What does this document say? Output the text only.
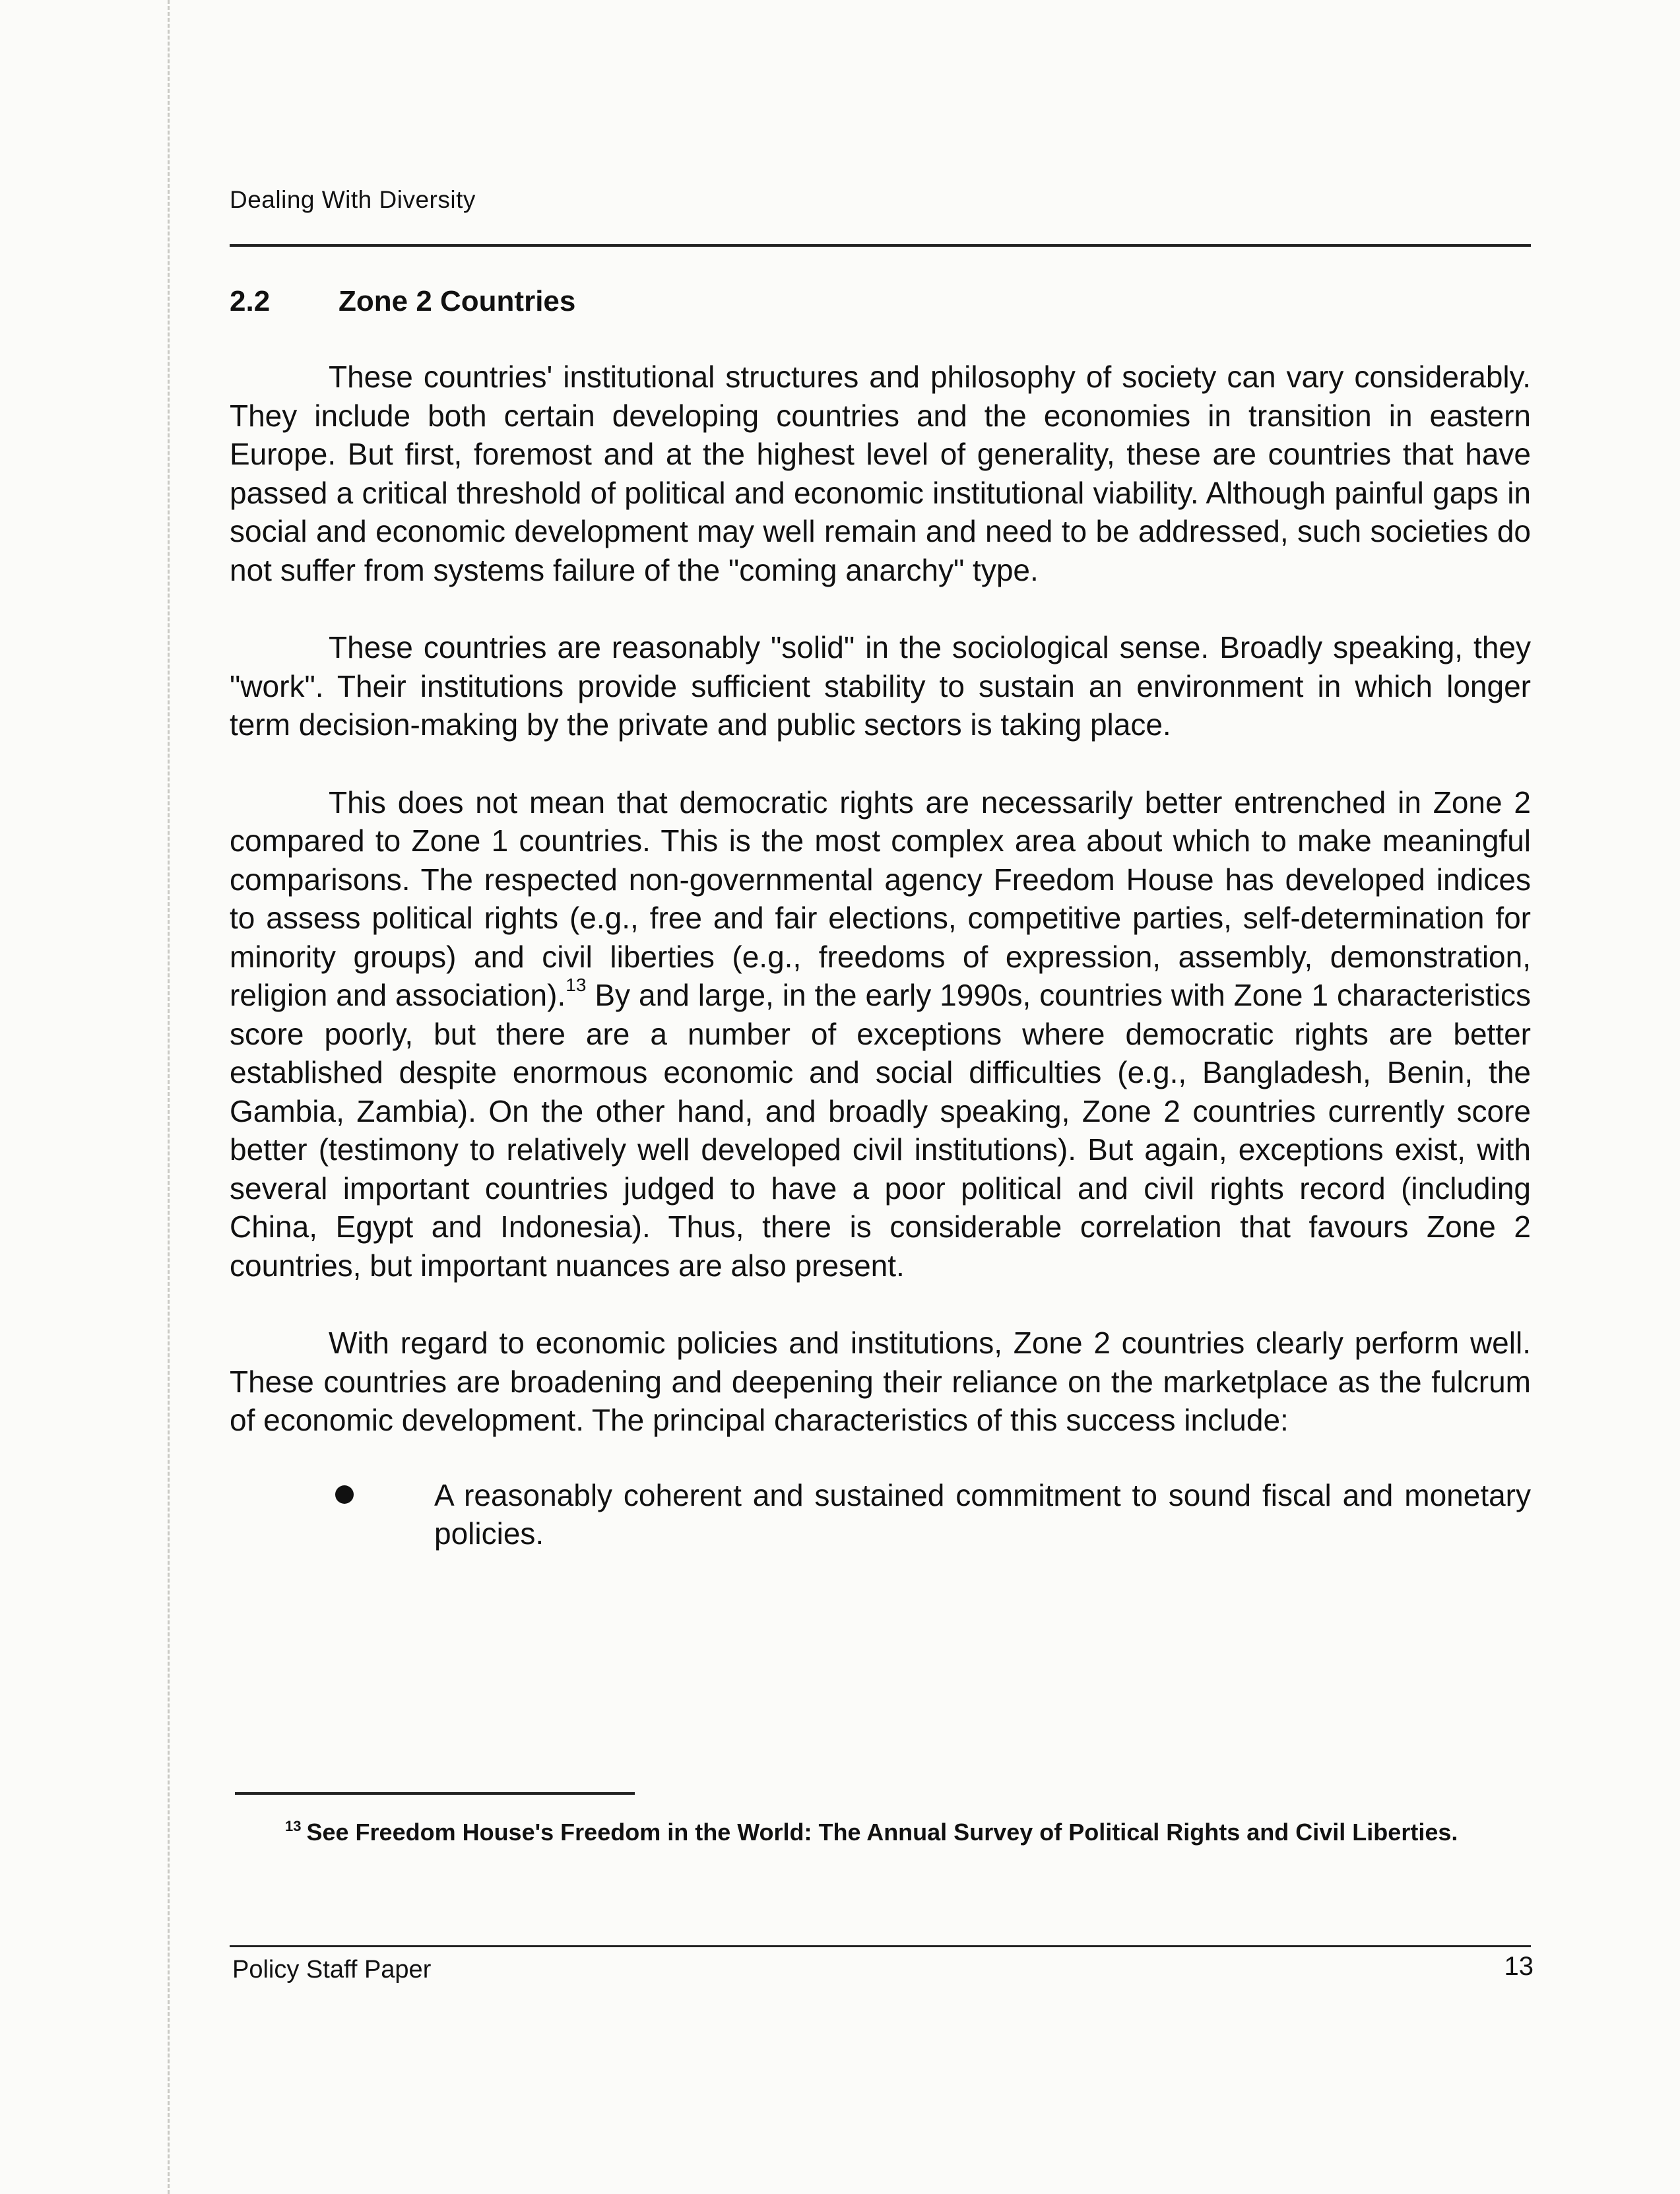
Dealing With Diversity
2.2 Zone 2 Countries

These countries' institutional structures and philosophy of society can vary considerably. They include both certain developing countries and the economies in transition in eastern Europe. But first, foremost and at the highest level of generality, these are countries that have passed a critical threshold of political and economic institutional viability. Although painful gaps in social and economic development may well remain and need to be addressed, such societies do not suffer from systems failure of the "coming anarchy" type.

These countries are reasonably "solid" in the sociological sense. Broadly speaking, they "work". Their institutions provide sufficient stability to sustain an environment in which longer term decision-making by the private and public sectors is taking place.

This does not mean that democratic rights are necessarily better entrenched in Zone 2 compared to Zone 1 countries. This is the most complex area about which to make meaningful comparisons. The respected non-governmental agency Freedom House has developed indices to assess political rights (e.g., free and fair elections, competitive parties, self-determination for minority groups) and civil liberties (e.g., freedoms of expression, assembly, demonstration, religion and association).$^{13}$ By and large, in the early 1990s, countries with Zone 1 characteristics score poorly, but there are a number of exceptions where democratic rights are better established despite enormous economic and social difficulties (e.g., Bangladesh, Benin, the Gambia, Zambia). On the other hand, and broadly speaking, Zone 2 countries currently score better (testimony to relatively well developed civil institutions). But again, exceptions exist, with several important countries judged to have a poor political and civil rights record (including China, Egypt and Indonesia). Thus, there is considerable correlation that favours Zone 2 countries, but important nuances are also present.

With regard to economic policies and institutions, Zone 2 countries clearly perform well. These countries are broadening and deepening their reliance on the marketplace as the fulcrum of economic development. The principal characteristics of this success include:

A reasonably coherent and sustained commitment to sound fiscal and monetary policies.
$^{13}$ See Freedom House's Freedom in the World: The Annual Survey of Political Rights and Civil Liberties.
Policy Staff Paper	13
